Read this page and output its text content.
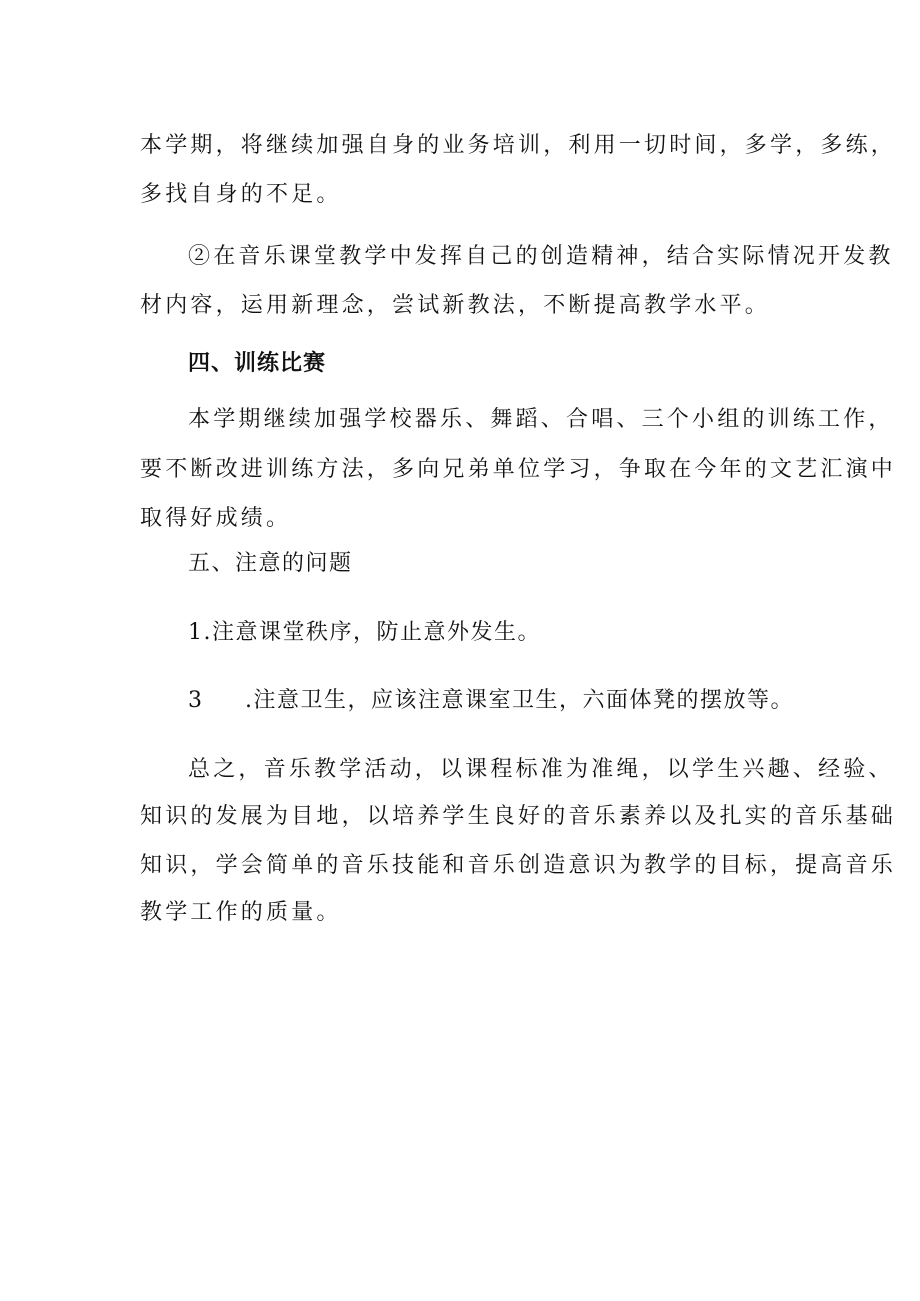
本学期，将继续加强自身的业务培训，利用一切时间，多学，多练，
多找自身的不足。
②在音乐课堂教学中发挥自己的创造精神，结合实际情况开发教
材内容，运用新理念，尝试新教法，不断提高教学水平。
四、训练比赛
本学期继续加强学校器乐、舞蹈、合唱、三个小组的训练工作，
要不断改进训练方法，多向兄弟单位学习，争取在今年的文艺汇演中
取得好成绩。
五、注意的问题
1.注意课堂秩序，防止意外发生。
3 .注意卫生，应该注意课室卫生，六面体凳的摆放等。
总之，音乐教学活动，以课程标准为准绳，以学生兴趣、经验、
知识的发展为目地，以培养学生良好的音乐素养以及扎实的音乐基础
知识，学会简单的音乐技能和音乐创造意识为教学的目标，提高音乐
教学工作的质量。
